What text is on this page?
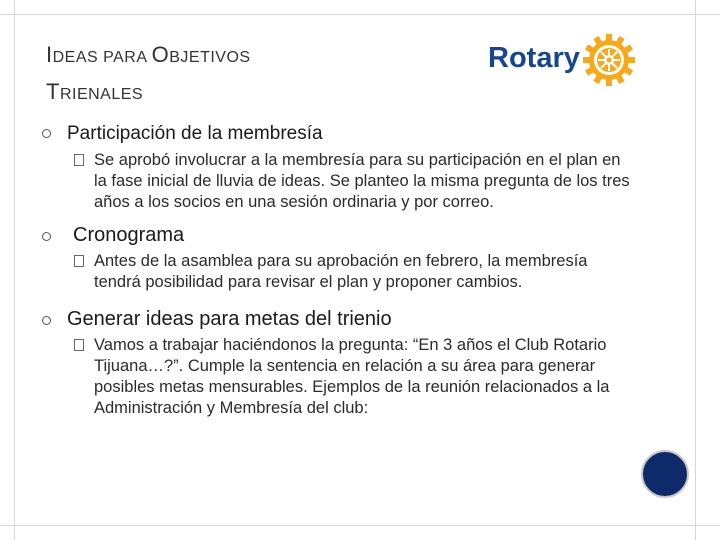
IDEAS PARA OBJETIVOS
TRIENALES
Rotary
Participación de la membresía
Se aprobó involucrar a la membresía para su participación en el plan en la fase inicial de lluvia de ideas. Se planteo la misma pregunta de los tres años a los socios en una sesión ordinaria y por correo.
Cronograma
Antes de la asamblea para su aprobación en febrero, la membresía tendrá posibilidad para revisar el plan y proponer cambios.
Generar ideas para metas del trienio
Vamos a trabajar haciéndonos la pregunta: “En 3 años el Club Rotario Tijuana…?”. Cumple la sentencia en relación a su área para generar posibles metas mensurables. Ejemplos de la reunión relacionados a la Administración y Membresía del club:
